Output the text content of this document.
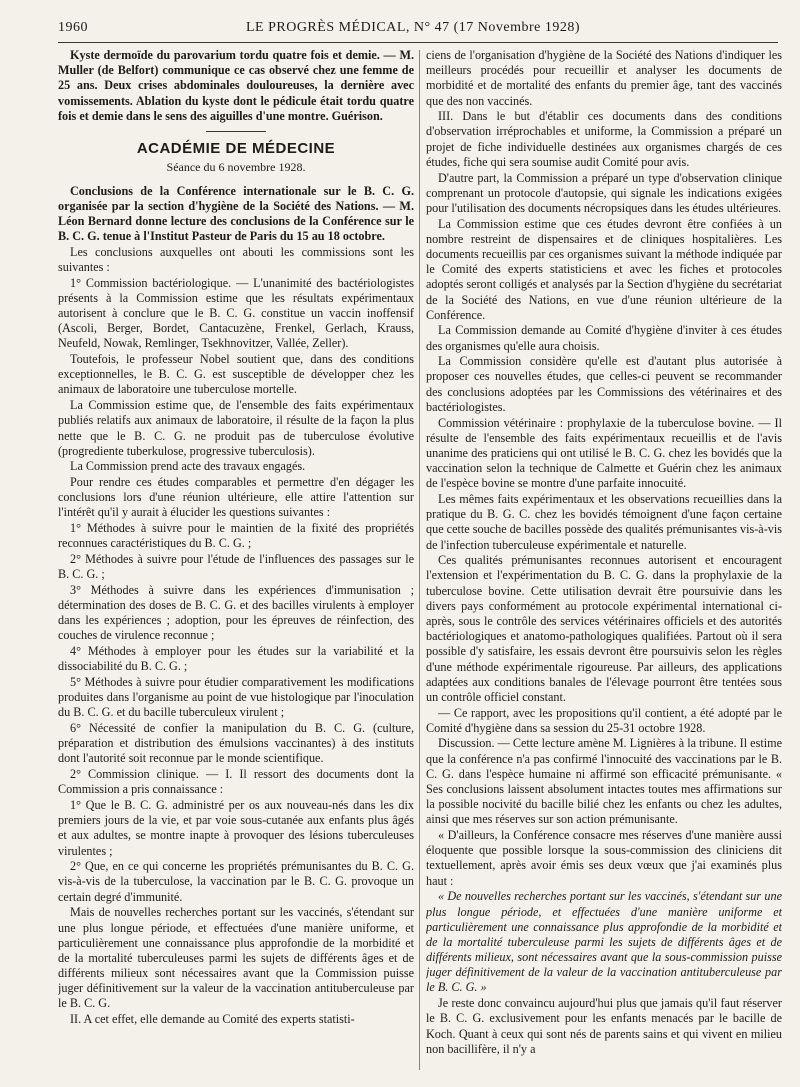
1960	LE PROGRÈS MÉDICAL, N° 47 (17 Novembre 1928)

Kyste dermoïde du parovarium tordu quatre fois et demie. — M. Muller (de Belfort) communique ce cas observé chez une femme de 25 ans. Deux crises abdominales douloureuses, la dernière avec vomissements. Ablation du kyste dont le pédicule était tordu quatre fois et demie dans le sens des aiguilles d'une montre. Guérison.

ACADÉMIE DE MÉDECINE

Séance du 6 novembre 1928.

Conclusions de la Conférence internationale sur le B. C. G. organisée par la section d'hygiène de la Société des Nations. — M. Léon Bernard donne lecture des conclusions de la Conférence sur le B. C. G. tenue à l'Institut Pasteur de Paris du 15 au 18 octobre.

Les conclusions auxquelles ont abouti les commissions sont les suivantes :

1° Commission bactériologique. — L'unanimité des bactériologistes présents à la Commission estime que les résultats expérimentaux autorisent à conclure que le B. C. G. constitue un vaccin inoffensif (Ascoli, Berger, Bordet, Cantacuzène, Frenkel, Gerlach, Krauss, Neufeld, Nowak, Remlinger, Tsekhnovitzer, Vallée, Zeller).

Toutefois, le professeur Nobel soutient que, dans des conditions exceptionnelles, le B. C. G. est susceptible de développer chez les animaux de laboratoire une tuberculose mortelle.

La Commission estime que, de l'ensemble des faits expérimentaux publiés relatifs aux animaux de laboratoire, il résulte de la façon la plus nette que le B. C. G. ne produit pas de tuberculose évolutive (progrediente tuberkulose, progressive tuberculosis).

La Commission prend acte des travaux engagés.

Pour rendre ces études comparables et permettre d'en dégager les conclusions lors d'une réunion ultérieure, elle attire l'attention sur l'intérêt qu'il y aurait à élucider les questions suivantes :

1° Méthodes à suivre pour le maintien de la fixité des propriétés reconnues caractéristiques du B. C. G. ;

2° Méthodes à suivre pour l'étude de l'influences des passages sur le B. C. G. ;

3° Méthodes à suivre dans les expériences d'immunisation ; détermination des doses de B. C. G. et des bacilles virulents à employer dans les expériences ; adoption, pour les épreuves de réinfection, des couches de virulence reconnue ;

4° Méthodes à employer pour les études sur la variabilité et la dissociabilité du B. C. G. ;

5° Méthodes à suivre pour étudier comparativement les modifications produites dans l'organisme au point de vue histologique par l'inoculation du B. C. G. et du bacille tuberculeux virulent ;

6° Nécessité de confier la manipulation du B. C. G. (culture, préparation et distribution des émulsions vaccinantes) à des instituts dont l'autorité soit reconnue par le monde scientifique.

2° Commission clinique. — I. Il ressort des documents dont la Commission a pris connaissance :

1° Que le B. C. G. administré per os aux nouveau-nés dans les dix premiers jours de la vie, et par voie sous-cutanée aux enfants plus âgés et aux adultes, se montre inapte à provoquer des lésions tuberculeuses virulentes ;

2° Que, en ce qui concerne les propriétés prémunisantes du B. C. G. vis-à-vis de la tuberculose, la vaccination par le B. C. G. provoque un certain degré d'immunité.

Mais de nouvelles recherches portant sur les vaccinés, s'étendant sur une plus longue période, et effectuées d'une manière uniforme, et particulièrement une connaissance plus approfondie de la morbidité et de la mortalité tuberculeuses parmi les sujets de différents âges et de différents milieux sont nécessaires avant que la Commission puisse juger définitivement sur la valeur de la vaccination antituberculeuse par le B. C. G.

II. A cet effet, elle demande au Comité des experts statisti-

ciens de l'organisation d'hygiène de la Société des Nations d'indiquer les meilleurs procédés pour recueillir et analyser les documents de morbidité et de mortalité des enfants du premier âge, tant des vaccinés que des non vaccinés.

III. Dans le but d'établir ces documents dans des conditions d'observation irréprochables et uniforme, la Commission a préparé un projet de fiche individuelle destinées aux organismes chargés de ces études, fiche qui sera soumise audit Comité pour avis.

D'autre part, la Commission a préparé un type d'observation clinique comprenant un protocole d'autopsie, qui signale les indications exigées pour l'utilisation des documents nécropsiques dans les études ultérieures.

La Commission estime que ces études devront être confiées à un nombre restreint de dispensaires et de cliniques hospitalières. Les documents recueillis par ces organismes suivant la méthode indiquée par le Comité des experts statisticiens et avec les fiches et protocoles adoptés seront colligés et analysés par la Section d'hygiène du secrétariat de la Société des Nations, en vue d'une réunion ultérieure de la Conférence.

La Commission demande au Comité d'hygiène d'inviter à ces études des organismes qu'elle aura choisis.

La Commission considère qu'elle est d'autant plus autorisée à proposer ces nouvelles études, que celles-ci peuvent se recommander des conclusions adoptées par les Commissions des vétérinaires et des bactériologistes.

Commission vétérinaire : prophylaxie de la tuberculose bovine. — Il résulte de l'ensemble des faits expérimentaux recueillis et de l'avis unanime des praticiens qui ont utilisé le B. C. G. chez les bovidés que la vaccination selon la technique de Calmette et Guérin chez les animaux de l'espèce bovine se montre d'une parfaite innocuité.

Les mêmes faits expérimentaux et les observations recueillies dans la pratique du B. G. C. chez les bovidés témoignent d'une façon certaine que cette souche de bacilles possède des qualités prémunisantes vis-à-vis de l'infection tuberculeuse expérimentale et naturelle.

Ces qualités prémunisantes reconnues autorisent et encouragent l'extension et l'expérimentation du B. C. G. dans la prophylaxie de la tuberculose bovine. Cette utilisation devrait être poursuivie dans les divers pays conformément au protocole expérimental international ci-après, sous le contrôle des services vétérinaires officiels et des autorités bactériologiques et anatomo-pathologiques qualifiées. Partout où il sera possible d'y satisfaire, les essais devront être poursuivis selon les règles d'une méthode expérimentale rigoureuse. Par ailleurs, des applications adaptées aux conditions banales de l'élevage pourront être tentées sous un contrôle officiel constant.

— Ce rapport, avec les propositions qu'il contient, a été adopté par le Comité d'hygiène dans sa session du 25-31 octobre 1928.

Discussion. — Cette lecture amène M. Lignières à la tribune. Il estime que la conférence n'a pas confirmé l'innocuité des vaccinations par le B. C. G. dans l'espèce humaine ni affirmé son efficacité prémunisante. « Ses conclusions laissent absolument intactes toutes mes affirmations sur la possible nocivité du bacille bilié chez les enfants ou chez les adultes, ainsi que mes réserves sur son action prémunisante.

« D'ailleurs, la Conférence consacre mes réserves d'une manière aussi éloquente que possible lorsque la sous-commission des cliniciens dit textuellement, après avoir émis ses deux vœux que j'ai examinés plus haut :

« De nouvelles recherches portant sur les vaccinés, s'étendant sur une plus longue période, et effectuées d'une manière uniforme et particulièrement une connaissance plus approfondie de la morbidité et de la mortalité tuberculeuse parmi les sujets de différents âges et de différents milieux, sont nécessaires avant que la sous-commission puisse juger définitivement de la valeur de la vaccination antituberculeuse par le B. C. G. »

Je reste donc convaincu aujourd'hui plus que jamais qu'il faut réserver le B. C. G. exclusivement pour les enfants menacés par le bacille de Koch. Quant à ceux qui sont nés de parents sains et qui vivent en milieu non bacillifère, il n'y a
